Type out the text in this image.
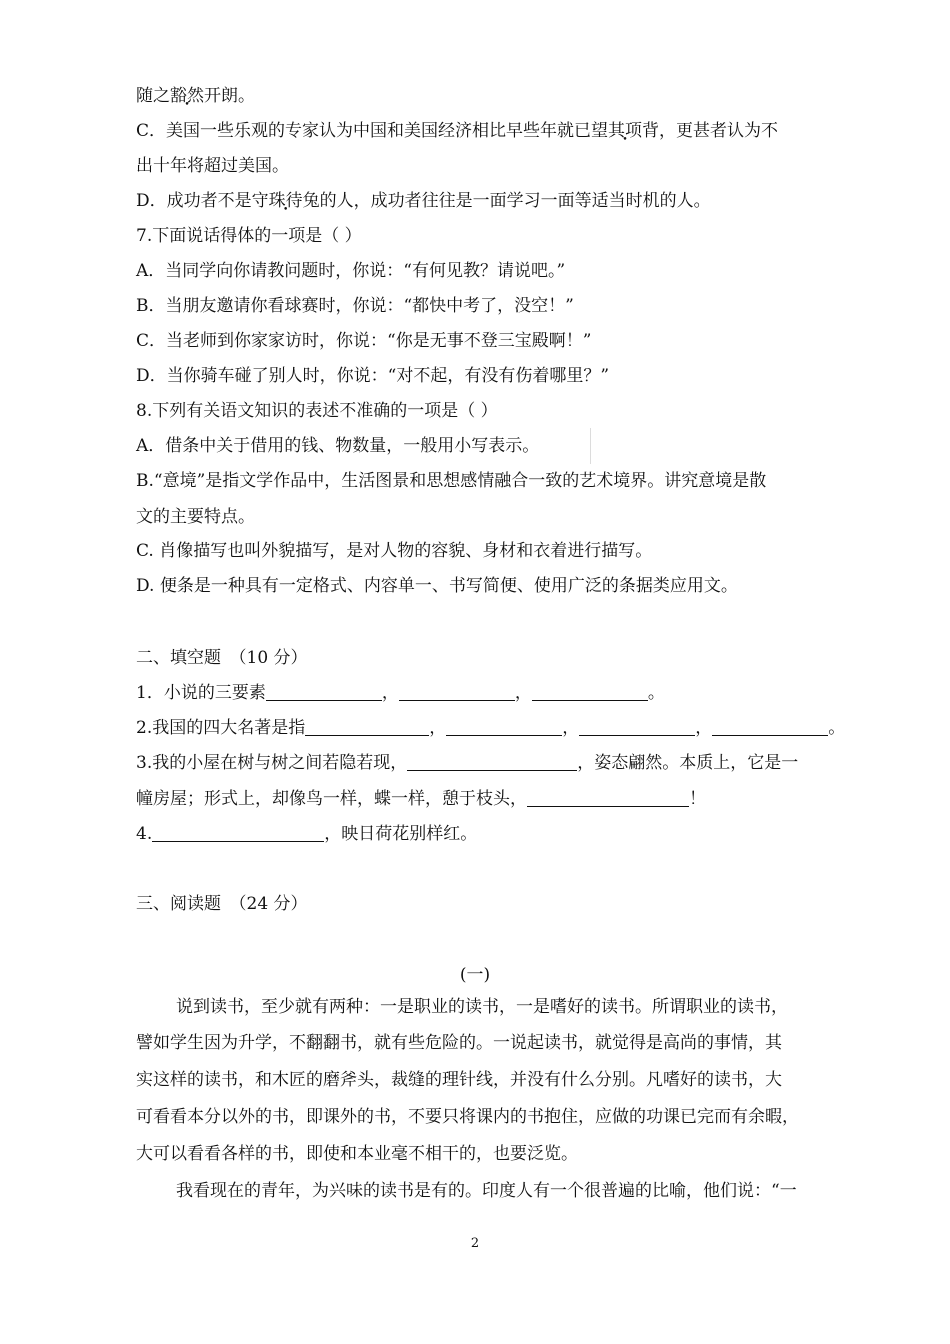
随之豁然开朗。
C．美国一些乐观的专家认为中国和美国经济相比早些年就已望其项背，更甚者认为不
出十年将超过美国。
D．成功者不是守珠待兔的人，成功者往往是一面学习一面等适当时机的人。
7.下面说话得体的一项是（ ）
A．当同学向你请教问题时，你说：“有何见教？请说吧。”
B．当朋友邀请你看球赛时，你说：“都快中考了，没空！”
C．当老师到你家家访时，你说：“你是无事不登三宝殿啊！”
D．当你骑车碰了别人时，你说：“对不起，有没有伤着哪里？”
8.下列有关语文知识的表述不准确的一项是（ ）
A．借条中关于借用的钱、物数量，一般用小写表示。
B.“意境”是指文学作品中，生活图景和思想感情融合一致的艺术境界。讲究意境是散
文的主要特点。
C. 肖像描写也叫外貌描写，是对人物的容貌、身材和衣着进行描写。
D. 便条是一种具有一定格式、内容单一、书写简便、使用广泛的条据类应用文。
二、填空题　（10 分）
1．小说的三要素	，	，	。
2.我国的四大名著是指	，	，	，	。
3.我的小屋在树与树之间若隐若现，	，姿态翩然。本质上，它是一
幢房屋；形式上，却像鸟一样，蝶一样，憩于枝头，	！
4.	，映日荷花别样红。
三、阅读题　（24 分）
(一)
说到读书，至少就有两种：一是职业的读书，一是嗜好的读书。所谓职业的读书，
譬如学生因为升学，不翻翻书，就有些危险的。一说起读书，就觉得是高尚的事情，其
实这样的读书，和木匠的磨斧头，裁缝的理针线，并没有什么分别。凡嗜好的读书，大
可看看本分以外的书，即课外的书，不要只将课内的书抱住，应做的功课已完而有余暇，
大可以看看各样的书，即使和本业毫不相干的，也要泛览。
我看现在的青年，为兴味的读书是有的。印度人有一个很普遍的比喻，他们说：“一
2
